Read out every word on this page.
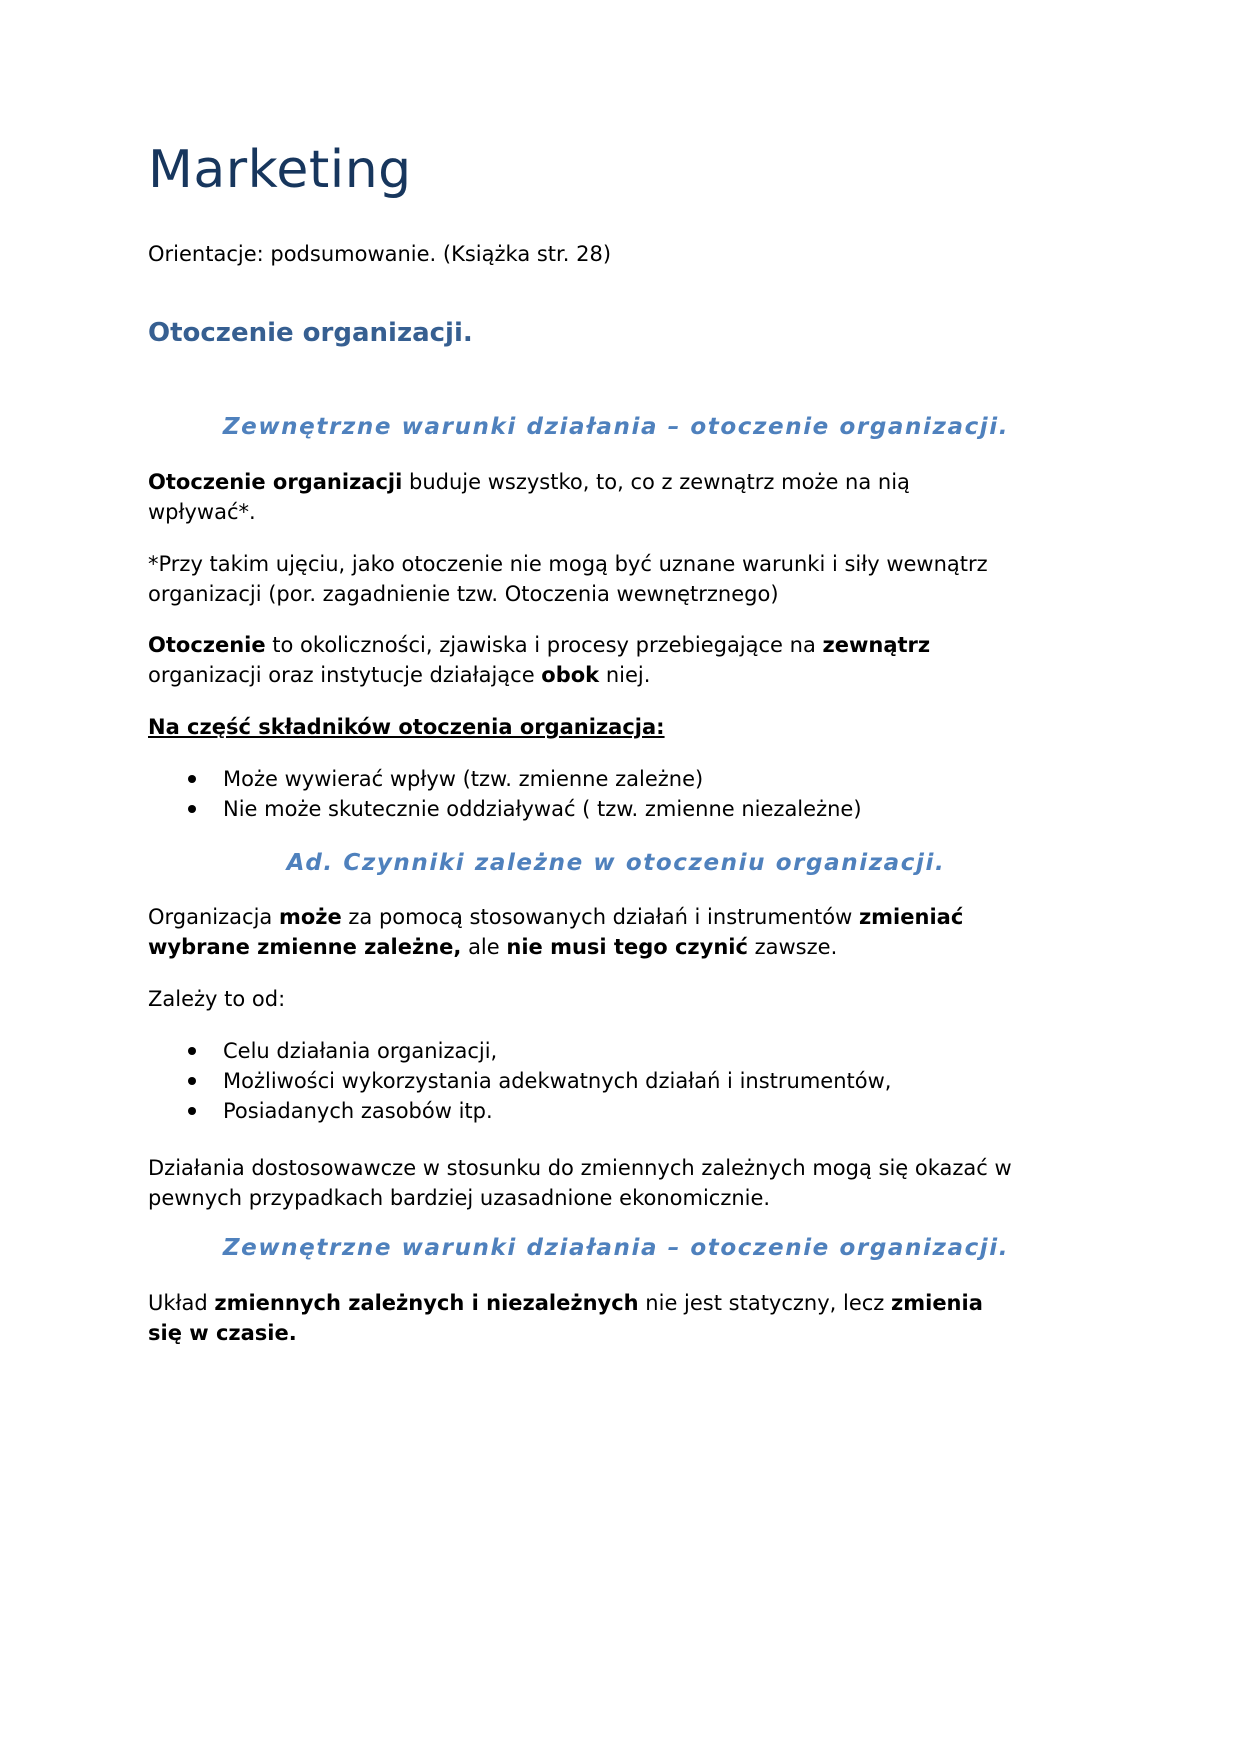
Marketing

Orientacje: podsumowanie. (Książka str. 28)

Otoczenie organizacji.
Zewnętrzne warunki działania – otoczenie organizacji.

Otoczenie organizacji buduje wszystko, to, co z zewnątrz może na nią

wpływać*.

*Przy takim ujęciu, jako otoczenie nie mogą być uznane warunki i siły wewnątrz

organizacji (por. zagadnienie tzw. Otoczenia wewnętrznego)

Otoczenie to okoliczności, zjawiska i procesy przebiegające na zewnątrz

organizacji oraz instytucje działające obok niej.

Na część składników otoczenia organizacja:

Może wywierać wpływ (tzw. zmienne zależne)
Nie może skutecznie oddziaływać ( tzw. zmienne niezależne)
Ad. Czynniki zależne w otoczeniu organizacji.

Organizacja może za pomocą stosowanych działań i instrumentów zmieniać

wybrane zmienne zależne, ale nie musi tego czynić zawsze.

Zależy to od:

Celu działania organizacji,
Możliwości wykorzystania adekwatnych działań i instrumentów,
Posiadanych zasobów itp.

Działania dostosowawcze w stosunku do zmiennych zależnych mogą się okazać w

pewnych przypadkach bardziej uzasadnione ekonomicznie.

Zewnętrzne warunki działania – otoczenie organizacji.

Układ zmiennych zależnych i niezależnych nie jest statyczny, lecz zmienia

się w czasie.
